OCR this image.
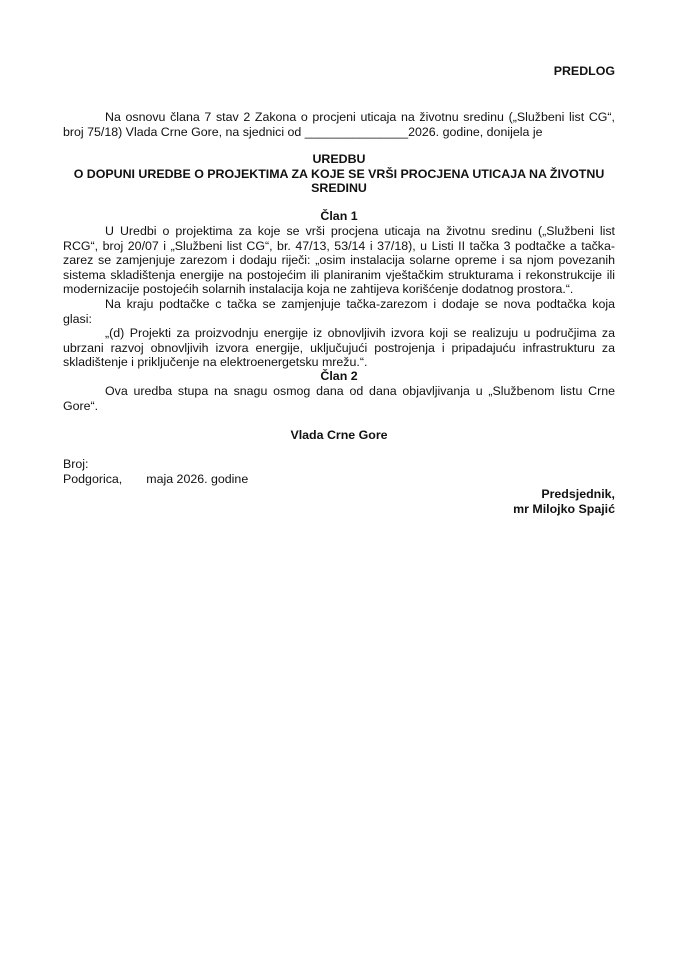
PREDLOG

Na osnovu člana 7 stav 2 Zakona o procjeni uticaja na životnu sredinu („Službeni list CG“, broj 75/18) Vlada Crne Gore, na sjednici od _______________2026. godine, donijela je

UREDBU
O DOPUNI UREDBE O PROJEKTIMA ZA KOJE SE VRŠI PROCJENA UTICAJA NA ŽIVOTNU SREDINU
Član 1

U Uredbi o projektima za koje se vrši procjena uticaja na životnu sredinu („Službeni list RCG“, broj 20/07 i „Službeni list CG“, br. 47/13, 53/14 i 37/18), u Listi II tačka 3 podtačke a tačka-zarez se zamjenjuje zarezom i dodaju riječi: „osim instalacija solarne opreme i sa njom povezanih sistema skladištenja energije na postojećim ili planiranim vještačkim strukturama i rekonstrukcije ili modernizacije postojećih solarnih instalacija koja ne zahtijeva korišćenje dodatnog prostora.“.

Na kraju podtačke c tačka se zamjenjuje tačka-zarezom i dodaje se nova podtačka koja glasi:

„(d) Projekti za proizvodnju energije iz obnovljivih izvora koji se realizuju u područjima za ubrzani razvoj obnovljivih izvora energije, uključujući postrojenja i pripadajuću infrastrukturu za skladištenje i priključenje na elektroenergetsku mrežu.“.

Član 2

Ova uredba stupa na snagu osmog dana od dana objavljivanja u „Službenom listu Crne Gore“.

Vlada Crne Gore
Broj:
Podgorica, maja 2026. godine
Predsjednik,
mr Milojko Spajić
